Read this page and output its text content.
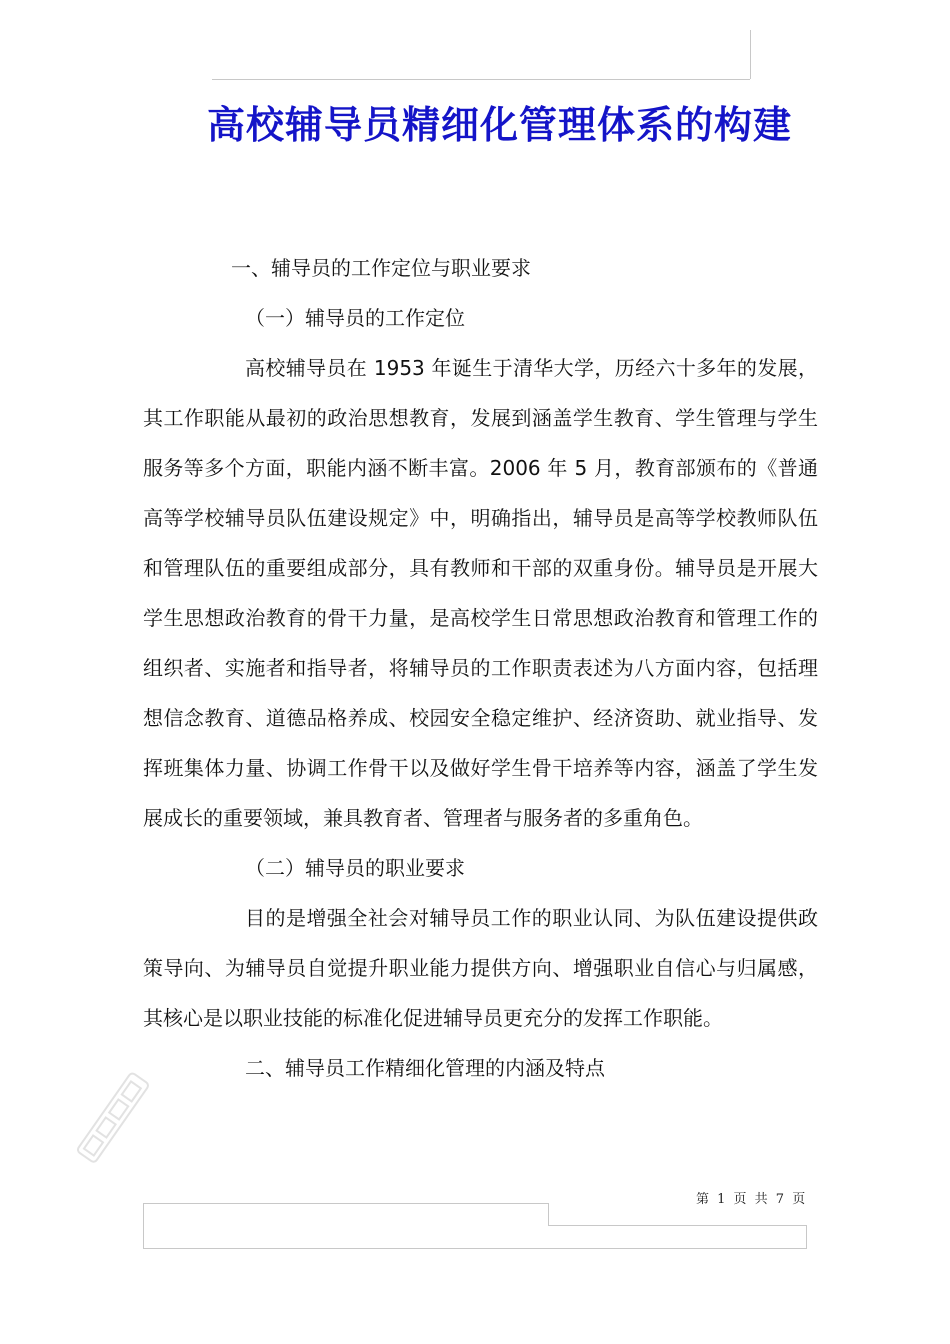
高校辅导员精细化管理体系的构建

一、辅导员的工作定位与职业要求

（一）辅导员的工作定位

高校辅导员在 1953 年诞生于清华大学，历经六十多年的发展，其工作职能从最初的政治思想教育，发展到涵盖学生教育、学生管理与学生服务等多个方面，职能内涵不断丰富。2006 年 5 月，教育部颁布的《普通高等学校辅导员队伍建设规定》中，明确指出，辅导员是高等学校教师队伍和管理队伍的重要组成部分，具有教师和干部的双重身份。辅导员是开展大学生思想政治教育的骨干力量，是高校学生日常思想政治教育和管理工作的组织者、实施者和指导者，将辅导员的工作职责表述为八方面内容，包括理想信念教育、道德品格养成、校园安全稳定维护、经济资助、就业指导、发挥班集体力量、协调工作骨干以及做好学生骨干培养等内容，涵盖了学生发展成长的重要领域，兼具教育者、管理者与服务者的多重角色。

（二）辅导员的职业要求

目的是增强全社会对辅导员工作的职业认同、为队伍建设提供政策导向、为辅导员自觉提升职业能力提供方向、增强职业自信心与归属感，其核心是以职业技能的标准化促进辅导员更充分的发挥工作职能。

二、辅导员工作精细化管理的内涵及特点

第 1 页 共 7 页
